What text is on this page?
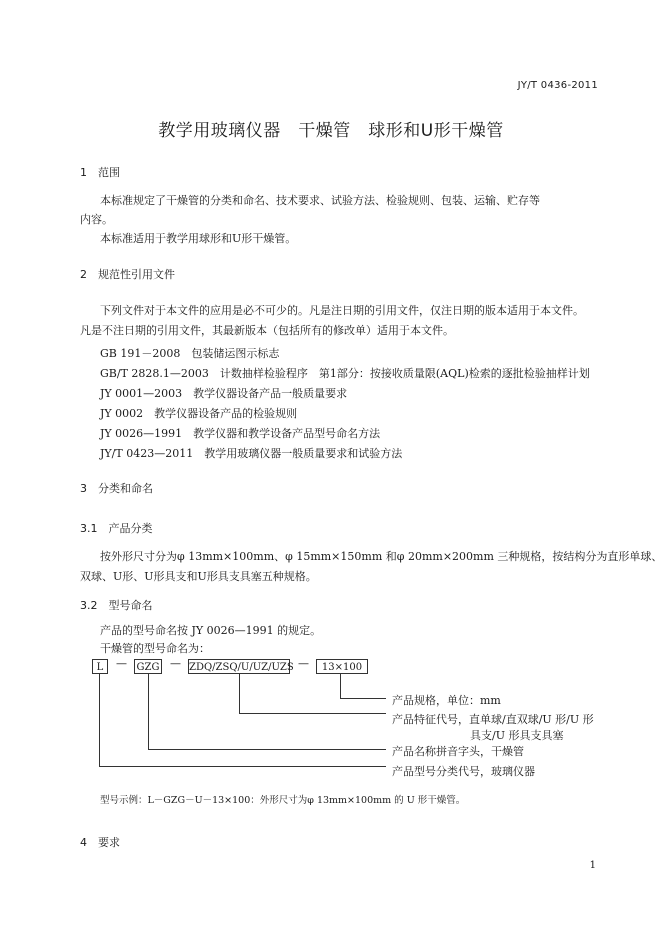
JY/T 0436-2011
教学用玻璃仪器　干燥管　球形和U形干燥管
1　范围
本标准规定了干燥管的分类和命名、技术要求、试验方法、检验规则、包装、运输、贮存等
内容。
本标准适用于教学用球形和U形干燥管。
2　规范性引用文件
下列文件对于本文件的应用是必不可少的。凡是注日期的引用文件，仅注日期的版本适用于本文件。
凡是不注日期的引用文件，其最新版本（包括所有的修改单）适用于本文件。
GB 191－2008　包装储运图示标志
GB/T 2828.1—2003　计数抽样检验程序　第1部分：按接收质量限(AQL)检索的逐批检验抽样计划
JY 0001—2003　教学仪器设备产品一般质量要求
JY 0002　教学仪器设备产品的检验规则
JY 0026—1991　教学仪器和教学设备产品型号命名方法
JY/T 0423—2011　教学用玻璃仪器一般质量要求和试验方法
3　分类和命名
3.1　产品分类
按外形尺寸分为φ 13mm×100mm、φ 15mm×150mm 和φ 20mm×200mm 三种规格，按结构分为直形单球、
双球、U形、U形具支和U形具支具塞五种规格。
3.2　型号命名
产品的型号命名按 JY 0026—1991 的规定。
干燥管的型号命名为：
L	— GZG — ZDQ/ZSQ/U/UZ/UZS —	13×100
产品规格，单位：mm
产品特征代号，直单球/直双球/U 形/U 形
具支/U 形具支具塞
产品名称拼音字头，干燥管
产品型号分类代号，玻璃仪器
型号示例：L－GZG－U－13×100：外形尺寸为φ 13mm×100mm 的 U 形干燥管。
4　要求
1
